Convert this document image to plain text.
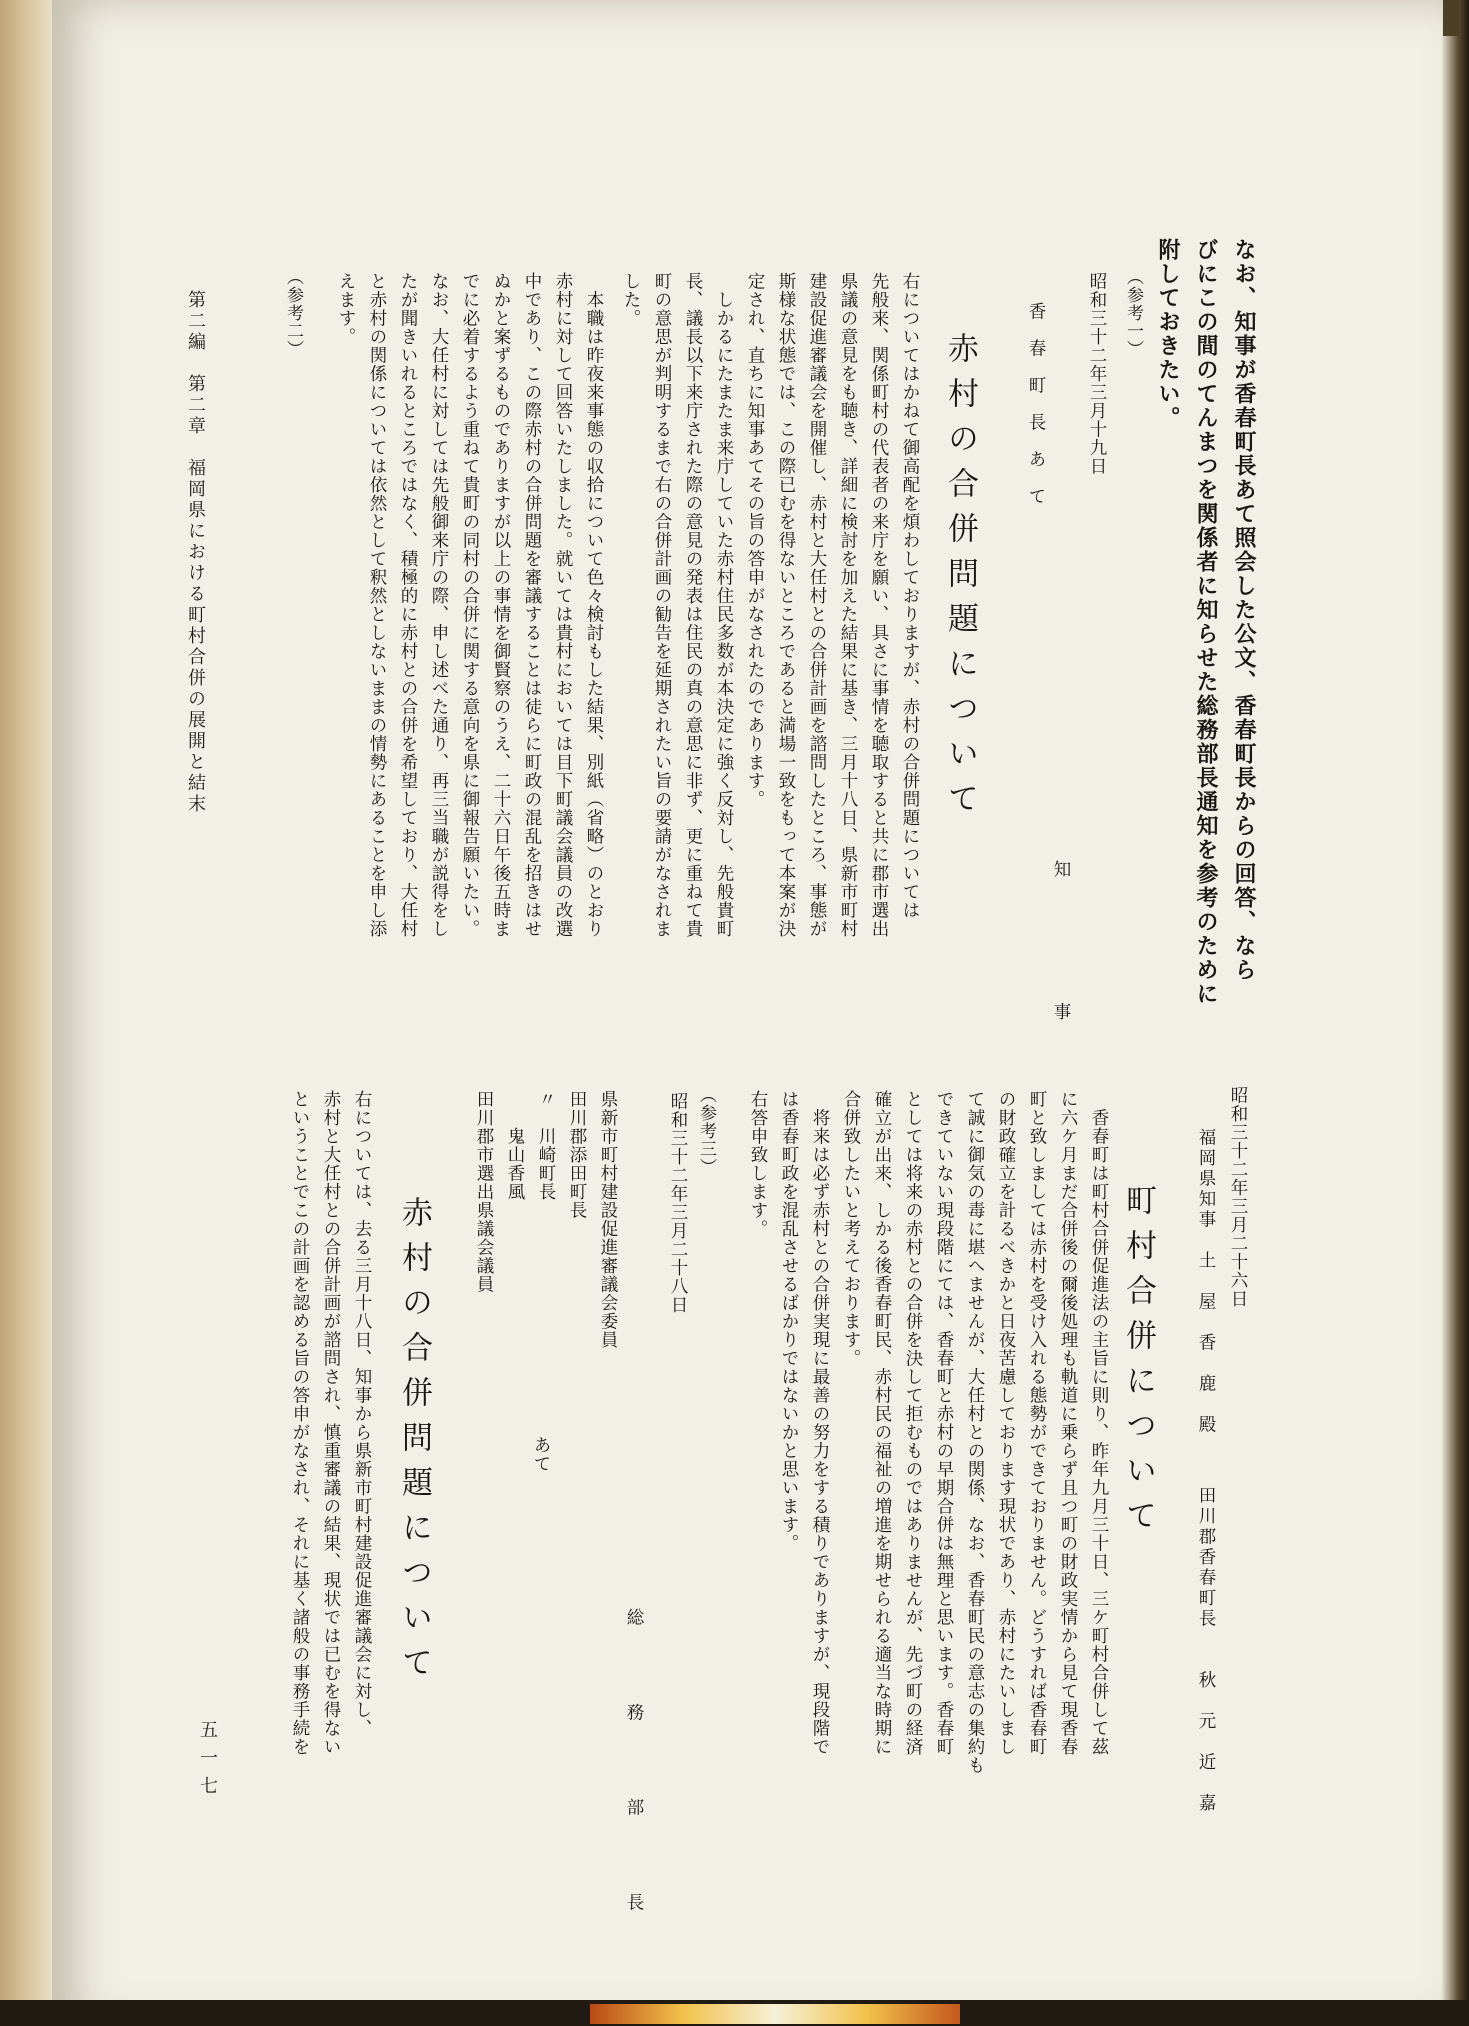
なお、知事が香春町長あて照会した公文、香春町長からの回答、なら
びにこの間のてんまつを関係者に知らせた総務部長通知を参考のために
附しておきたい。
（参考一）
昭和三十二年三月十九日
知　　事
香　春　町　長　あ　て
赤村の合併問題について
右についてはかねて御高配を煩わしておりますが、赤村の合併問題については
先般来、関係町村の代表者の来庁を願い、具さに事情を聴取すると共に郡市選出
県議の意見をも聴き、詳細に検討を加えた結果に基き、三月十八日、県新市町村
建設促進審議会を開催し、赤村と大任村との合併計画を諮問したところ、事態が
斯様な状態では、この際已むを得ないところであると満場一致をもって本案が決
定され、直ちに知事あてその旨の答申がなされたのであります。
　しかるにたまたま来庁していた赤村住民多数が本決定に強く反対し、先般貴町
長、議長以下来庁された際の意見の発表は住民の真の意思に非ず、更に重ねて貴
町の意思が判明するまで右の合併計画の勧告を延期されたい旨の要請がなされま
した。
　本職は昨夜来事態の収拾について色々検討もした結果、別紙（省略）のとおり
赤村に対して回答いたしました。就いては貴村においては目下町議会議員の改選
中であり、この際赤村の合併問題を審議することは徒らに町政の混乱を招きはせ
ぬかと案ずるものでありますが以上の事情を御賢察のうえ、二十六日午後五時ま
でに必着するよう重ねて貴町の同村の合併に関する意向を県に御報告願いたい。
なお、大任村に対しては先般御来庁の際、申し述べた通り、再三当職が説得をし
たが聞きいれるところではなく、積極的に赤村との合併を希望しており、大任村
と赤村の関係については依然として釈然としないままの情勢にあることを申し添
えます。
（参考二）
昭和三十二年三月二十六日
田川郡香春町長　　秋　元　近　嘉
福岡県知事　土　屋　香　鹿　殿
町村合併について
　香春町は町村合併促進法の主旨に則り、昨年九月三十日、三ケ町村合併して茲
に六ケ月まだ合併後の爾後処理も軌道に乗らず且つ町の財政実情から見て現香春
町と致しましては赤村を受け入れる態勢ができておりません。どうすれば香春町
の財政確立を計るべきかと日夜苦慮しております現状であり、赤村にたいしまし
て誠に御気の毒に堪へませんが、大任村との関係、なお、香春町民の意志の集約も
できていない現段階にては、香春町と赤村の早期合併は無理と思います。香春町
としては将来の赤村との合併を決して拒むものではありませんが、先づ町の経済
確立が出来、しかる後香春町民、赤村民の福祉の増進を期せられる適当な時期に
合併致したいと考えております。
　将来は必ず赤村との合併実現に最善の努力をする積りでありますが、現段階で
は香春町政を混乱させるばかりではないかと思います。
右答申致します。
（参考三）
昭和三十二年三月二十八日
総　務　部　長
県新市町村建設促進審議会委員
田川郡添田町長
〃　川崎町長
　　鬼山香風
田川郡市選出県議会議員
あて
赤村の合併問題について
右については、去る三月十八日、知事から県新市町村建設促進審議会に対し、
赤村と大任村との合併計画が諮問され、慎重審議の結果、現状では已むを得ない
ということでこの計画を認める旨の答申がなされ、それに基く諸般の事務手続を
第二編　第二章　福岡県における町村合併の展開と結末
五一七
